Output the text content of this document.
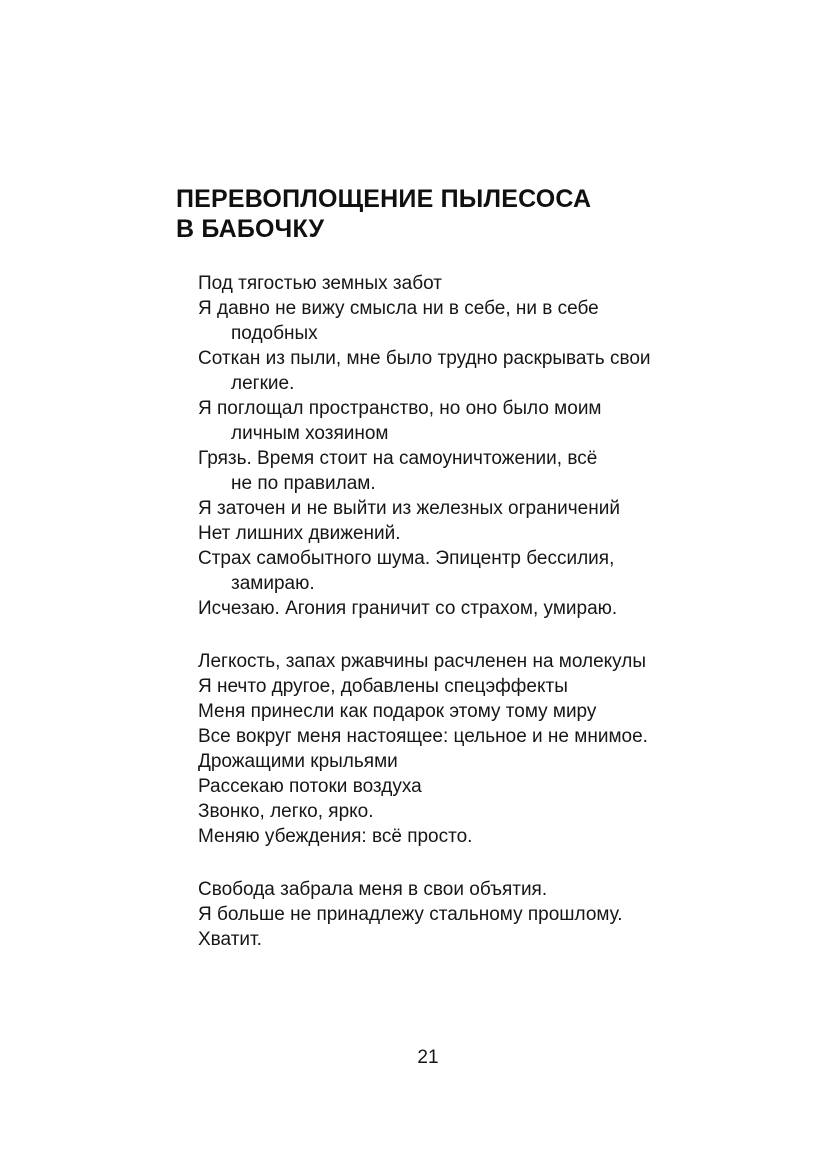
ПЕРЕВОПЛОЩЕНИЕ ПЫЛЕСОСА
В БАБОЧКУ
Под тягостью земных забот
Я давно не вижу смысла ни в себе, ни в себе
подобных
Соткан из пыли, мне было трудно раскрывать свои
легкие.
Я поглощал пространство, но оно было моим
личным хозяином
Грязь. Время стоит на самоуничтожении, всё
не по правилам.
Я заточен и не выйти из железных ограничений
Нет лишних движений.
Страх самобытного шума. Эпицентр бессилия,
замираю.
Исчезаю. Агония граничит со страхом, умираю.
Легкость, запах ржавчины расчленен на молекулы
Я нечто другое, добавлены спецэффекты
Меня принесли как подарок этому тому миру
Все вокруг меня настоящее: цельное и не мнимое.
Дрожащими крыльями
Рассекаю потоки воздуха
Звонко, легко, ярко.
Меняю убеждения: всё просто.
Свобода забрала меня в свои объятия.
Я больше не принадлежу стальному прошлому.
Хватит.
21
